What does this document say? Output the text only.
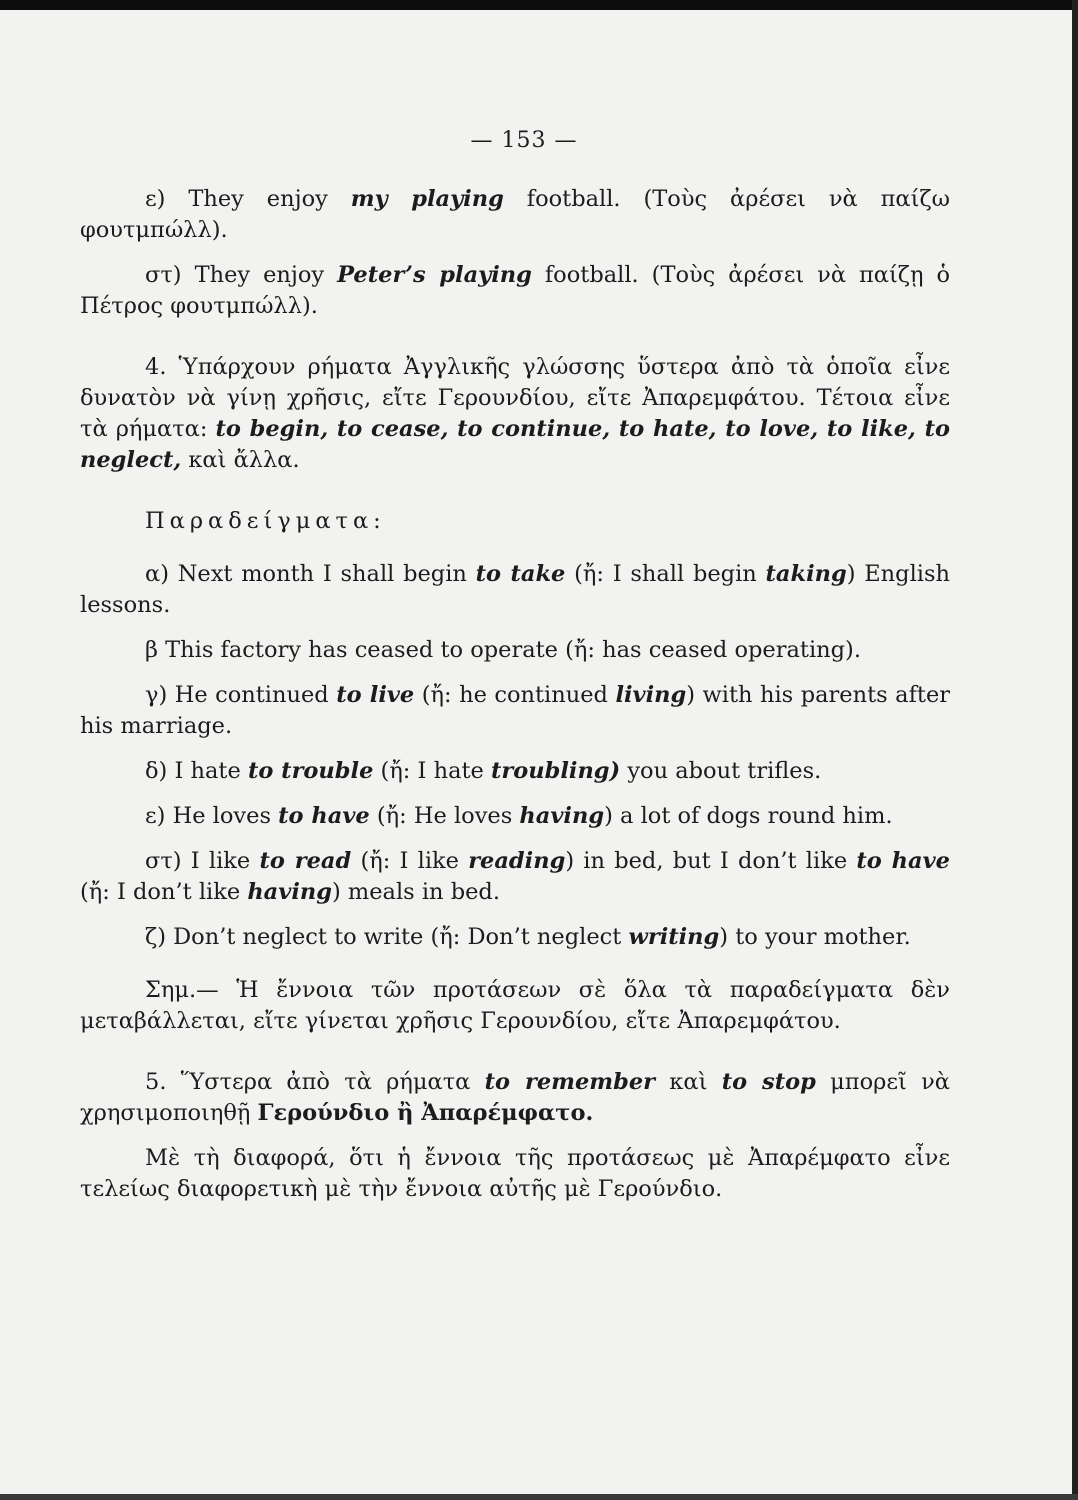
— 153 —

ε) They enjoy my playing football. (Τοὺς ἀρέσει νὰ παίζω φουτμπώλλ).

στ) They enjoy Peter’s playing football. (Τοὺς ἀρέσει νὰ παίζῃ ὁ Πέτρος φουτμπώλλ).

4. Ὑπάρχουν ρήματα Ἀγγλικῆς γλώσσης ὕστερα ἀπὸ τὰ ὁποῖα εἶνε δυνατὸν νὰ γίνῃ χρῆσις, εἴτε Γερουνδίου, εἴτε Ἀπαρεμφάτου. Τέτοια εἶνε τὰ ρήματα: to begin, to cease, to continue, to hate, to love, to like, to neglect, καὶ ἄλλα.

Παραδείγματα:

α) Next month I shall begin to take (ἤ: I shall begin taking) English lessons.

β This factory has ceased to operate (ἤ: has ceased operating).

γ) He continued to live (ἤ: he continued living) with his parents after his marriage.

δ) I hate to trouble (ἤ: I hate troubling) you about trifles.

ε) He loves to have (ἤ: He loves having) a lot of dogs round him.

στ) I like to read (ἤ: I like reading) in bed, but I don’t like to have (ἤ: I don’t like having) meals in bed.

ζ) Don’t neglect to write (ἤ: Don’t neglect writing) to your mother.

Σημ.— Ἡ ἔννοια τῶν προτάσεων σὲ ὅλα τὰ παραδείγματα δὲν μεταβάλλεται, εἴτε γίνεται χρῆσις Γερουνδίου, εἴτε Ἀπαρεμφάτου.

5. Ὕστερα ἀπὸ τὰ ρήματα to remember καὶ to stop μπορεῖ νὰ χρησιμοποιηθῇ Γερούνδιο ἢ Ἀπαρέμφατο.

Μὲ τὴ διαφορά, ὅτι ἡ ἔννοια τῆς προτάσεως μὲ Ἀπαρέμφατο εἶνε τελείως διαφορετικὴ μὲ τὴν ἔννοια αὐτῆς μὲ Γερούνδιο.
